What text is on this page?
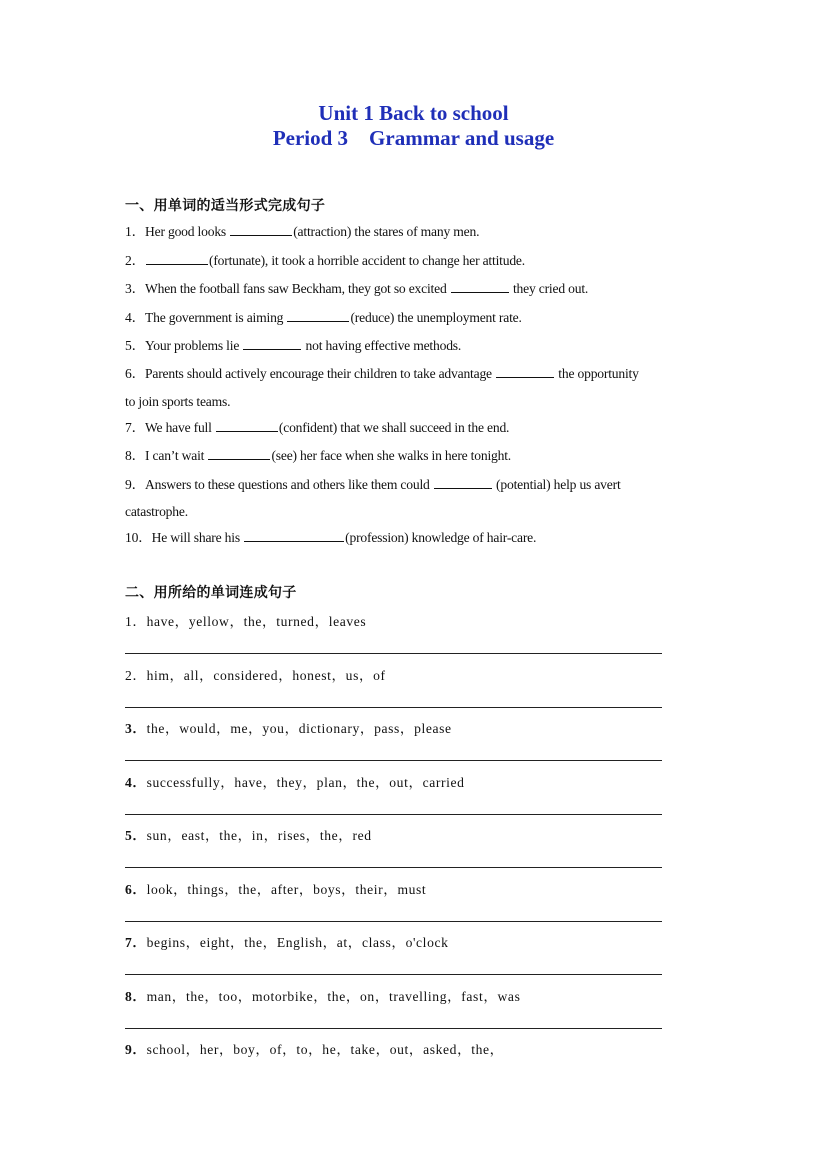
Unit 1 Back to school
Period 3    Grammar and usage
一、用单词的适当形式完成句子
1．Her good looks	(attraction) the stares of many men.
2．	(fortunate), it took a horrible accident to change her attitude.
3．When the football fans saw Beckham, they got so excited	they cried out.
4．The government is aiming	(reduce) the unemployment rate.
5．Your problems lie	not having effective methods.
6．Parents should actively encourage their children to take advantage	the opportunity
to join sports teams.
7．We have full	(confident) that we shall succeed in the end.
8．I can’t wait	(see) her face when she walks in here tonight.
9．Answers to these questions and others like them could	(potential) help us avert
catastrophe.
10．He will share his	(profession) knowledge of hair-care.
二、用所给的单词连成句子
1．have，yellow，the，turned，leaves
2．him，all，considered，honest，us，of
3．the，would，me，you，dictionary，pass，please
4．successfully，have，they，plan，the，out，carried
5．sun，east，the，in，rises，the，red
6．look，things，the，after，boys，their，must
7．begins，eight，the，English，at，class，o'clock
8．man，the，too，motorbike，the，on，travelling，fast，was
9．school，her，boy，of，to，he，take，out，asked，the，
